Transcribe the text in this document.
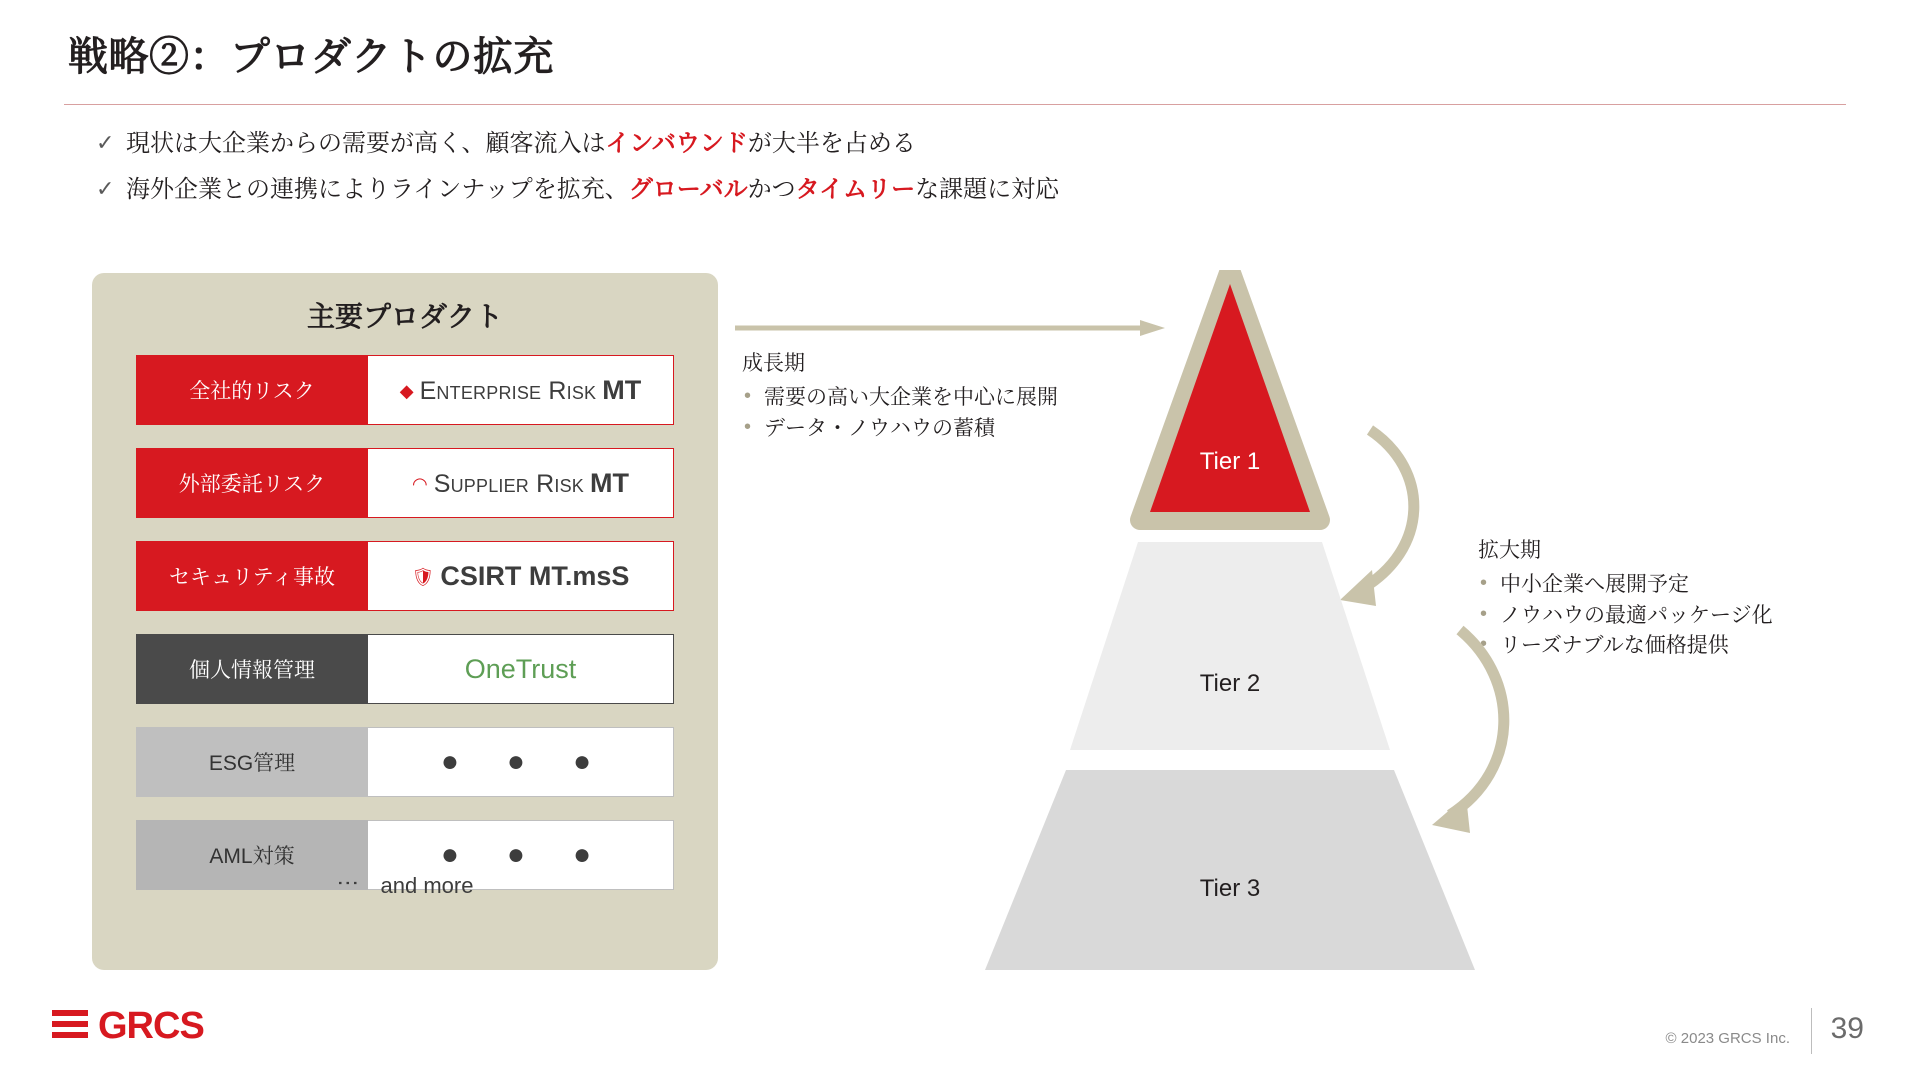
戦略②：プロダクトの拡充
✓ 現状は大企業からの需要が高く、顧客流入はインバウンドが大半を占める
✓ 海外企業との連携によりラインナップを拡充、グローバルかつタイムリーな課題に対応
主要プロダクト
全社的リスク	◆ Enterprise Risk MT
外部委託リスク	◠ Supplier Risk MT
セキュリティ事故	🛡 CSIRT MT.msS
個人情報管理	OneTrust
ESG管理	●　●　●
AML対策	●　●　●
⋮ and more
成長期
• 需要の高い大企業を中心に展開
• データ・ノウハウの蓄積
拡大期
• 中小企業へ展開予定
• ノウハウの最適パッケージ化
• リーズナブルな価格提供
Tier 1
Tier 2
Tier 3
GRCS	© 2023 GRCS Inc. 39
